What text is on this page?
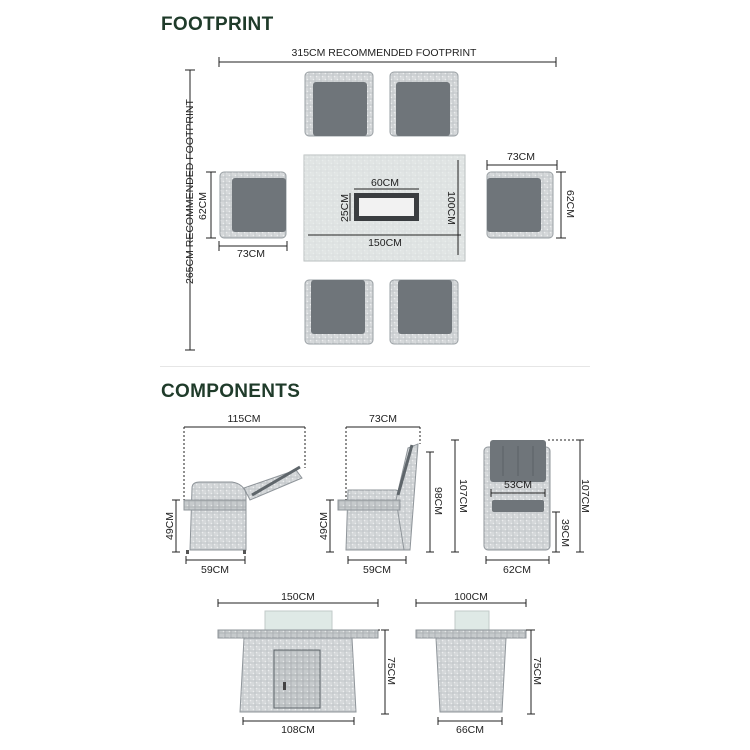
FOOTPRINT
COMPONENTS
315CM RECOMMENDED FOOTPRINT
265CM RECOMMENDED FOOTPRINT 62CM
73CM
73CM
62CM
60CM
25CM
150CM
100CM
115CM
49CM
59CM
73CM
49CM
98CM 107CM
59CM
53CM	107CM
39CM
62CM
150CM
75CM
108CM
100CM
75CM
66CM
